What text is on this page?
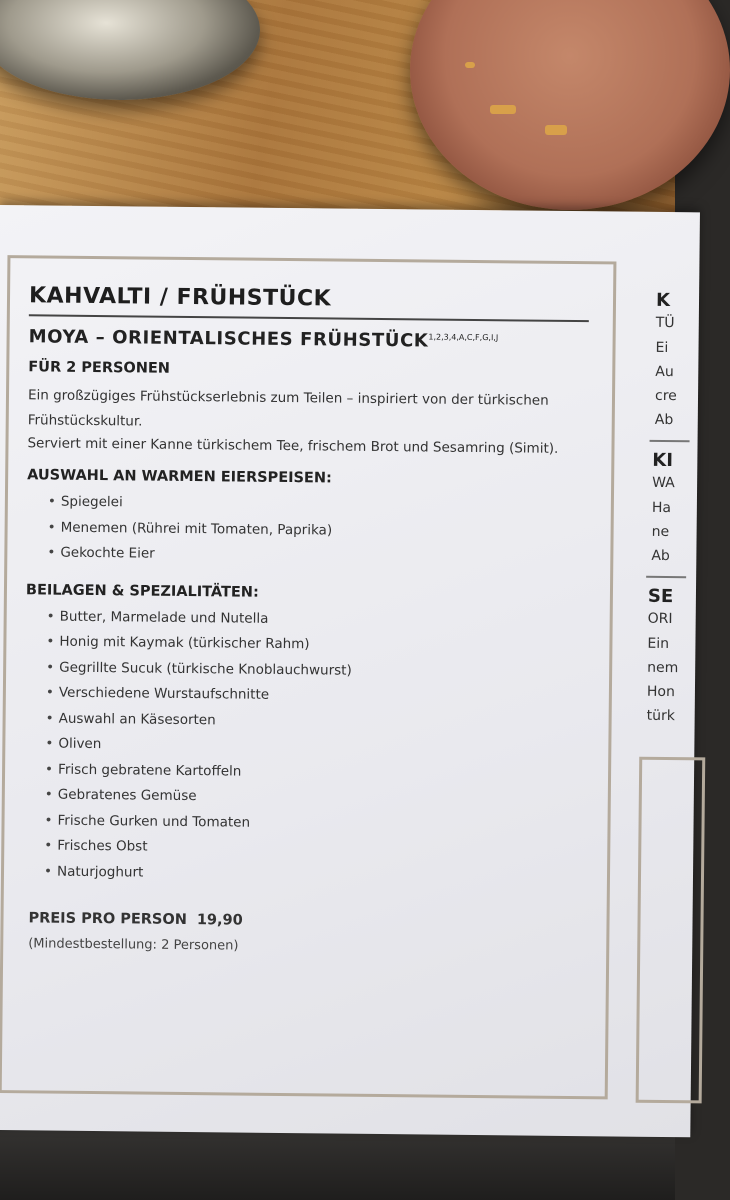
K
TÜ
Ei
Au
cre
Ab
KI
WA
Ha
ne
Ab
SE
ORI
Ein
nem
Hon
türk
KAHVALTI / FRÜHSTÜCK
MOYA – ORIENTALISCHES $FRÜHSTÜCK^{1,2,3,4,A,C,F,G,I,J}$
FÜR 2 PERSONEN
Ein großzügiges Frühstückserlebnis zum Teilen – inspiriert von der türkischen Frühstückskultur.
Serviert mit einer Kanne türkischem Tee, frischem Brot und Sesamring (Simit).
AUSWAHL AN WARMEN EIERSPEISEN:
• Spiegelei
• Menemen (Rührei mit Tomaten, Paprika)
• Gekochte Eier
BEILAGEN & SPEZIALITÄTEN:
• Butter, Marmelade und Nutella
• Honig mit Kaymak (türkischer Rahm)
• Gegrillte Sucuk (türkische Knoblauchwurst)
• Verschiedene Wurstaufschnitte
• Auswahl an Käsesorten
• Oliven
• Frisch gebratene Kartoffeln
• Gebratenes Gemüse
• Frische Gurken und Tomaten
• Frisches Obst
• Naturjoghurt
PREIS PRO PERSON 19,90
(Mindestbestellung: 2 Personen)
